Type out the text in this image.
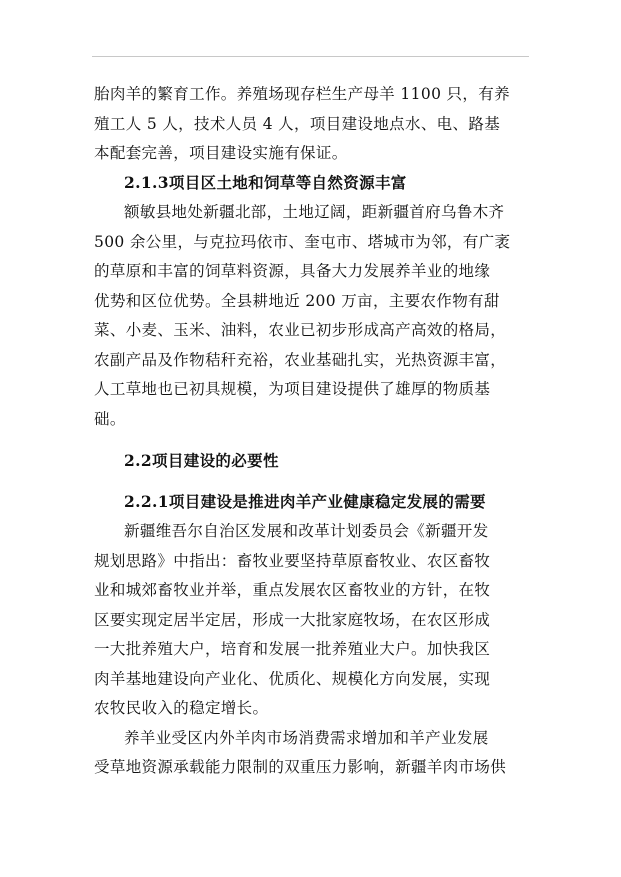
胎肉羊的繁育工作。养殖场现存栏生产母羊 1100 只，有养
殖工人 5 人，技术人员 4 人，项目建设地点水、电、路基
本配套完善，项目建设实施有保证。
2.1.3项目区土地和饲草等自然资源丰富
额敏县地处新疆北部，土地辽阔，距新疆首府乌鲁木齐
500 余公里，与克拉玛依市、奎屯市、塔城市为邻，有广袤
的草原和丰富的饲草料资源，具备大力发展养羊业的地缘
优势和区位优势。全县耕地近 200 万亩，主要农作物有甜
菜、小麦、玉米、油料，农业已初步形成高产高效的格局，
农副产品及作物秸秆充裕，农业基础扎实，光热资源丰富，
人工草地也已初具规模，为项目建设提供了雄厚的物质基
础。
2.2项目建设的必要性
2.2.1项目建设是推进肉羊产业健康稳定发展的需要
新疆维吾尔自治区发展和改革计划委员会《新疆开发
规划思路》中指出：畜牧业要坚持草原畜牧业、农区畜牧
业和城郊畜牧业并举，重点发展农区畜牧业的方针，在牧
区要实现定居半定居，形成一大批家庭牧场，在农区形成
一大批养殖大户，培育和发展一批养殖业大户。加快我区
肉羊基地建设向产业化、优质化、规模化方向发展，实现
农牧民收入的稳定增长。
养羊业受区内外羊肉市场消费需求增加和羊产业发展
受草地资源承载能力限制的双重压力影响，新疆羊肉市场供
